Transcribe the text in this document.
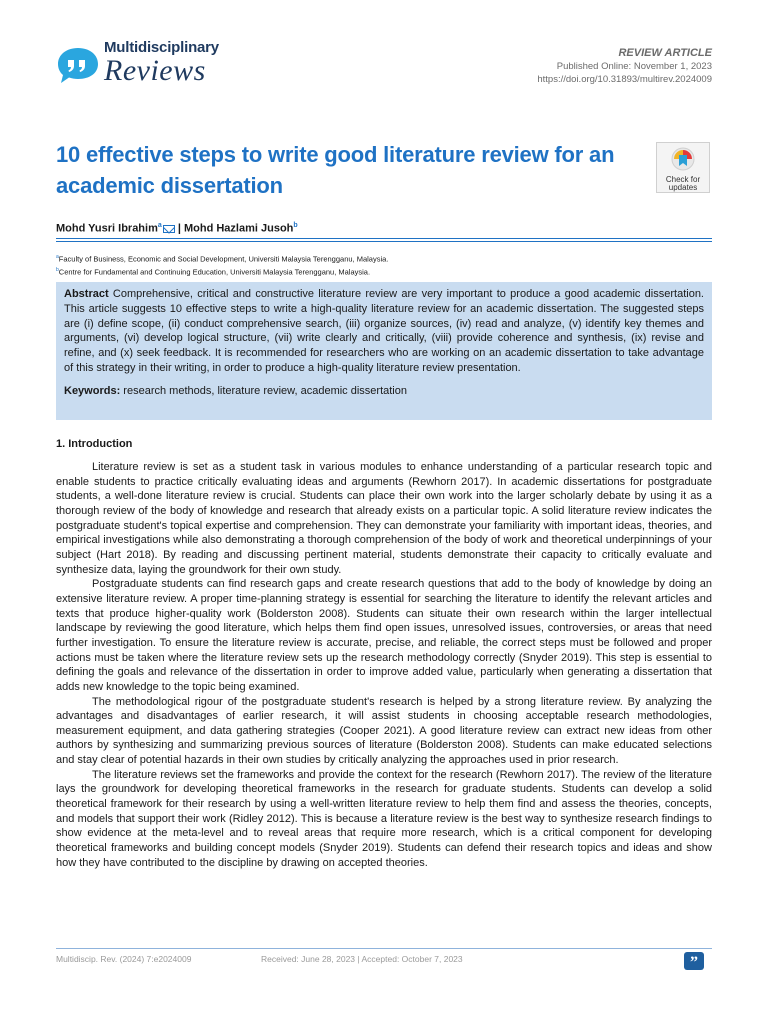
Multidisciplinary
Reviews
REVIEW ARTICLE
Published Online: November 1, 2023
https://doi.org/10.31893/multirev.2024009
10 effective steps to write good literature review for an academic dissertation	Check for
updates
Mohd Yusri Ibrahim$^a$ | Mohd Hazlami Jusoh$^b$
$^a$Faculty of Business, Economic and Social Development, Universiti Malaysia Terengganu, Malaysia.
$^b$Centre for Fundamental and Continuing Education, Universiti Malaysia Terengganu, Malaysia.
Abstract Comprehensive, critical and constructive literature review are very important to produce a good academic dissertation. This article suggests 10 effective steps to write a high-quality literature review for an academic dissertation. The suggested steps are (i) define scope, (ii) conduct comprehensive search, (iii) organize sources, (iv) read and analyze, (v) identify key themes and arguments, (vi) develop logical structure, (vii) write clearly and critically, (viii) provide coherence and synthesis, (ix) revise and refine, and (x) seek feedback. It is recommended for researchers who are working on an academic dissertation to take advantage of this strategy in their writing, in order to produce a high-quality literature review presentation.
Keywords: research methods, literature review, academic dissertation
1. Introduction

Literature review is set as a student task in various modules to enhance understanding of a particular research topic and enable students to practice critically evaluating ideas and arguments (Rewhorn 2017). In academic dissertations for postgraduate students, a well-done literature review is crucial. Students can place their own work into the larger scholarly debate by using it as a thorough review of the body of knowledge and research that already exists on a particular topic. A solid literature review indicates the postgraduate student's topical expertise and comprehension. They can demonstrate your familiarity with important ideas, theories, and empirical investigations while also demonstrating a thorough comprehension of the body of work and theoretical underpinnings of your subject (Hart 2018). By reading and discussing pertinent material, students demonstrate their capacity to critically evaluate and synthesize data, laying the groundwork for their own study.

Postgraduate students can find research gaps and create research questions that add to the body of knowledge by doing an extensive literature review. A proper time-planning strategy is essential for searching the literature to identify the relevant articles and texts that produce higher-quality work (Bolderston 2008). Students can situate their own research within the larger intellectual landscape by reviewing the good literature, which helps them find open issues, unresolved issues, controversies, or areas that need further investigation. To ensure the literature review is accurate, precise, and reliable, the correct steps must be followed and proper actions must be taken where the literature review sets up the research methodology correctly (Snyder 2019). This step is essential to defining the goals and relevance of the dissertation in order to improve added value, particularly when generating a dissertation that adds new knowledge to the topic being examined.

The methodological rigour of the postgraduate student's research is helped by a strong literature review. By analyzing the advantages and disadvantages of earlier research, it will assist students in choosing acceptable research methodologies, measurement equipment, and data gathering strategies (Cooper 2021). A good literature review can extract new ideas from other authors by synthesizing and summarizing previous sources of literature (Bolderston 2008). Students can make educated selections and stay clear of potential hazards in their own studies by critically analyzing the approaches used in prior research.

The literature reviews set the frameworks and provide the context for the research (Rewhorn 2017). The review of the literature lays the groundwork for developing theoretical frameworks in the research for graduate students. Students can develop a solid theoretical framework for their research by using a well-written literature review to help them find and assess the theories, concepts, and models that support their work (Ridley 2012). This is because a literature review is the best way to synthesize research findings to show evidence at the meta-level and to reveal areas that require more research, which is a critical component for developing theoretical frameworks and building concept models (Snyder 2019). Students can defend their research topics and ideas and show how they have contributed to the discipline by drawing on accepted theories.

Multidiscip. Rev. (2024) 7:e2024009	Received: June 28, 2023 | Accepted: October 7, 2023	”
